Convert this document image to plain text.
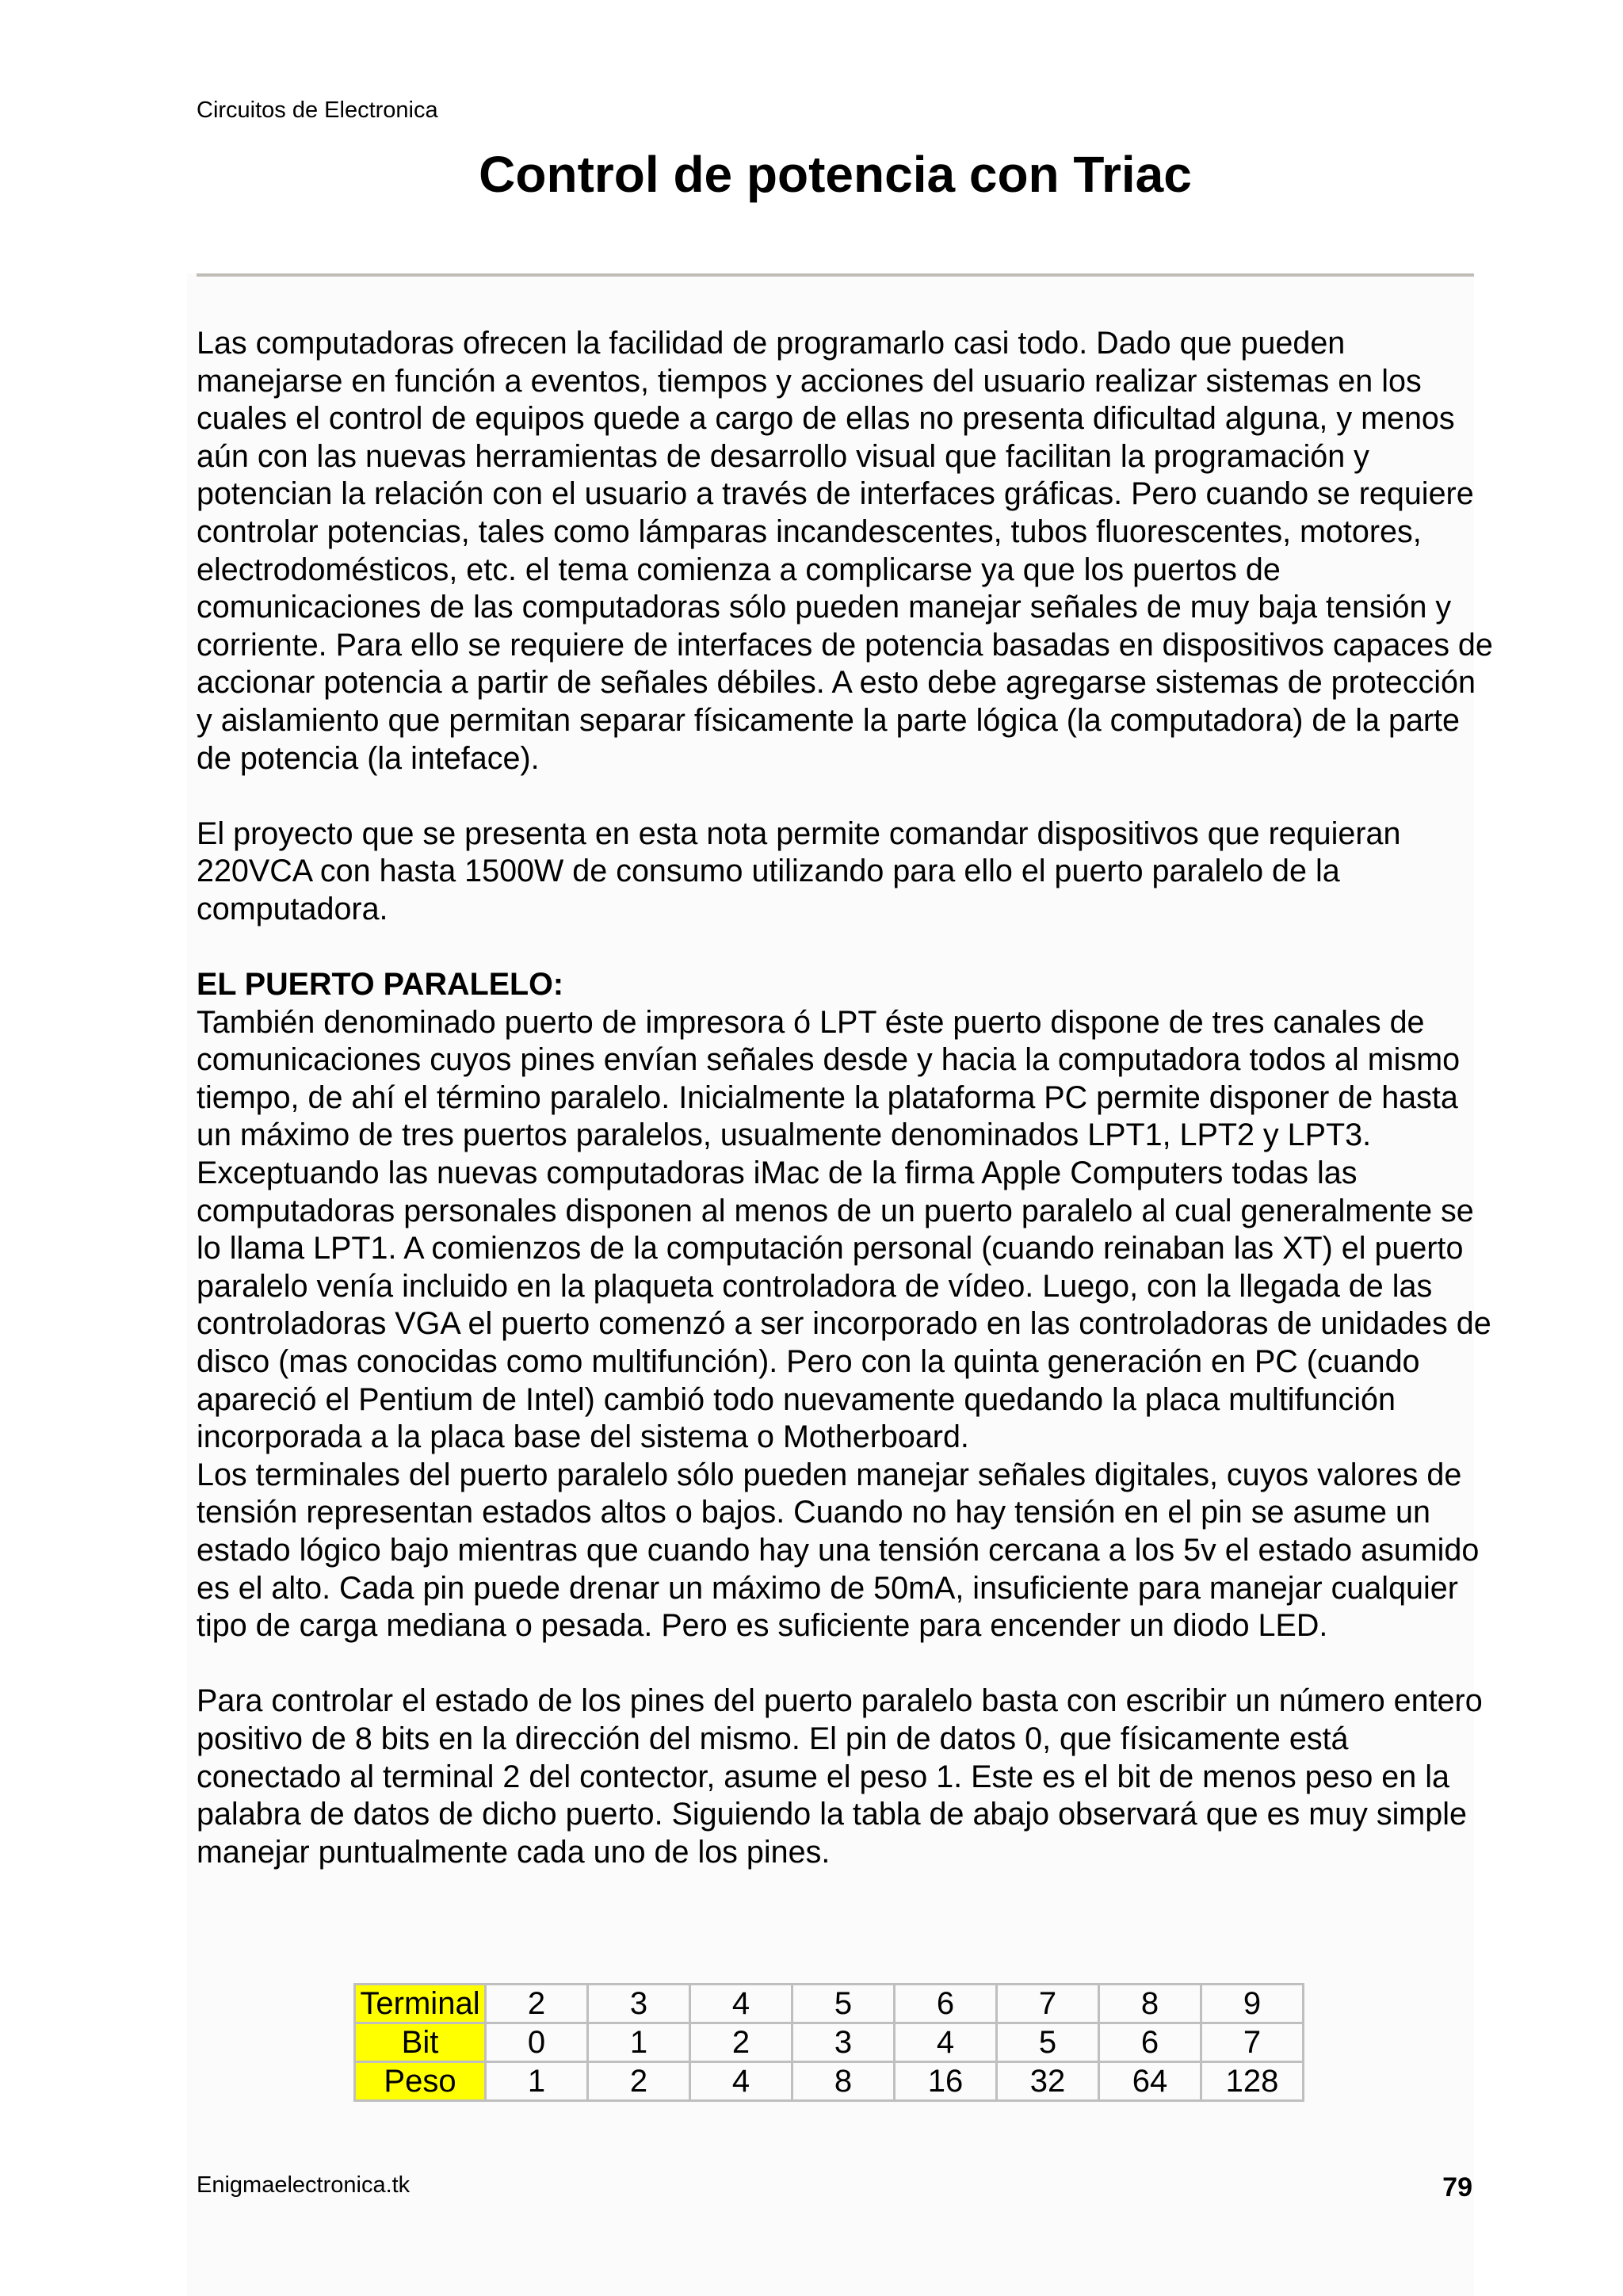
Circuitos de Electronica
Control de potencia con Triac

Las computadoras ofrecen la facilidad de programarlo casi todo. Dado que pueden manejarse en función a eventos, tiempos y acciones del usuario realizar sistemas en los cuales el control de equipos quede a cargo de ellas no presenta dificultad alguna, y menos aún con las nuevas herramientas de desarrollo visual que facilitan la programación y potencian la relación con el usuario a través de interfaces gráficas. Pero cuando se requiere controlar potencias, tales como lámparas incandescentes, tubos fluorescentes, motores, electrodomésticos, etc. el tema comienza a complicarse ya que los puertos de comunicaciones de las computadoras sólo pueden manejar señales de muy baja tensión y corriente. Para ello se requiere de interfaces de potencia basadas en dispositivos capaces de accionar potencia a partir de señales débiles. A esto debe agregarse sistemas de protección y aislamiento que permitan separar físicamente la parte lógica (la computadora) de la parte de potencia (la inteface).

El proyecto que se presenta en esta nota permite comandar dispositivos que requieran 220VCA con hasta 1500W de consumo utilizando para ello el puerto paralelo de la computadora.

EL PUERTO PARALELO:

También denominado puerto de impresora ó LPT éste puerto dispone de tres canales de comunicaciones cuyos pines envían señales desde y hacia la computadora todos al mismo tiempo, de ahí el término paralelo. Inicialmente la plataforma PC permite disponer de hasta un máximo de tres puertos paralelos, usualmente denominados LPT1, LPT2 y LPT3. Exceptuando las nuevas computadoras iMac de la firma Apple Computers todas las computadoras personales disponen al menos de un puerto paralelo al cual generalmente se lo llama LPT1. A comienzos de la computación personal (cuando reinaban las XT) el puerto paralelo venía incluido en la plaqueta controladora de vídeo. Luego, con la llegada de las controladoras VGA el puerto comenzó a ser incorporado en las controladoras de unidades de disco (mas conocidas como multifunción). Pero con la quinta generación en PC (cuando apareció el Pentium de Intel) cambió todo nuevamente quedando la placa multifunción incorporada a la placa base del sistema o Motherboard.

Los terminales del puerto paralelo sólo pueden manejar señales digitales, cuyos valores de tensión representan estados altos o bajos. Cuando no hay tensión en el pin se asume un estado lógico bajo mientras que cuando hay una tensión cercana a los 5v el estado asumido es el alto. Cada pin puede drenar un máximo de 50mA, insuficiente para manejar cualquier tipo de carga mediana o pesada. Pero es suficiente para encender un diodo LED.

Para controlar el estado de los pines del puerto paralelo basta con escribir un número entero positivo de 8 bits en la dirección del mismo. El pin de datos 0, que físicamente está conectado al terminal 2 del contector, asume el peso 1. Este es el bit de menos peso en la palabra de datos de dicho puerto. Siguiendo la tabla de abajo observará que es muy simple manejar puntualmente cada uno de los pines.

Terminal	2	3	4	5	6	7	8	9
Bit	0	1	2	3	4	5	6	7
Peso	1	2	4	8	16	32	64	128
Enigmaelectronica.tk	79
